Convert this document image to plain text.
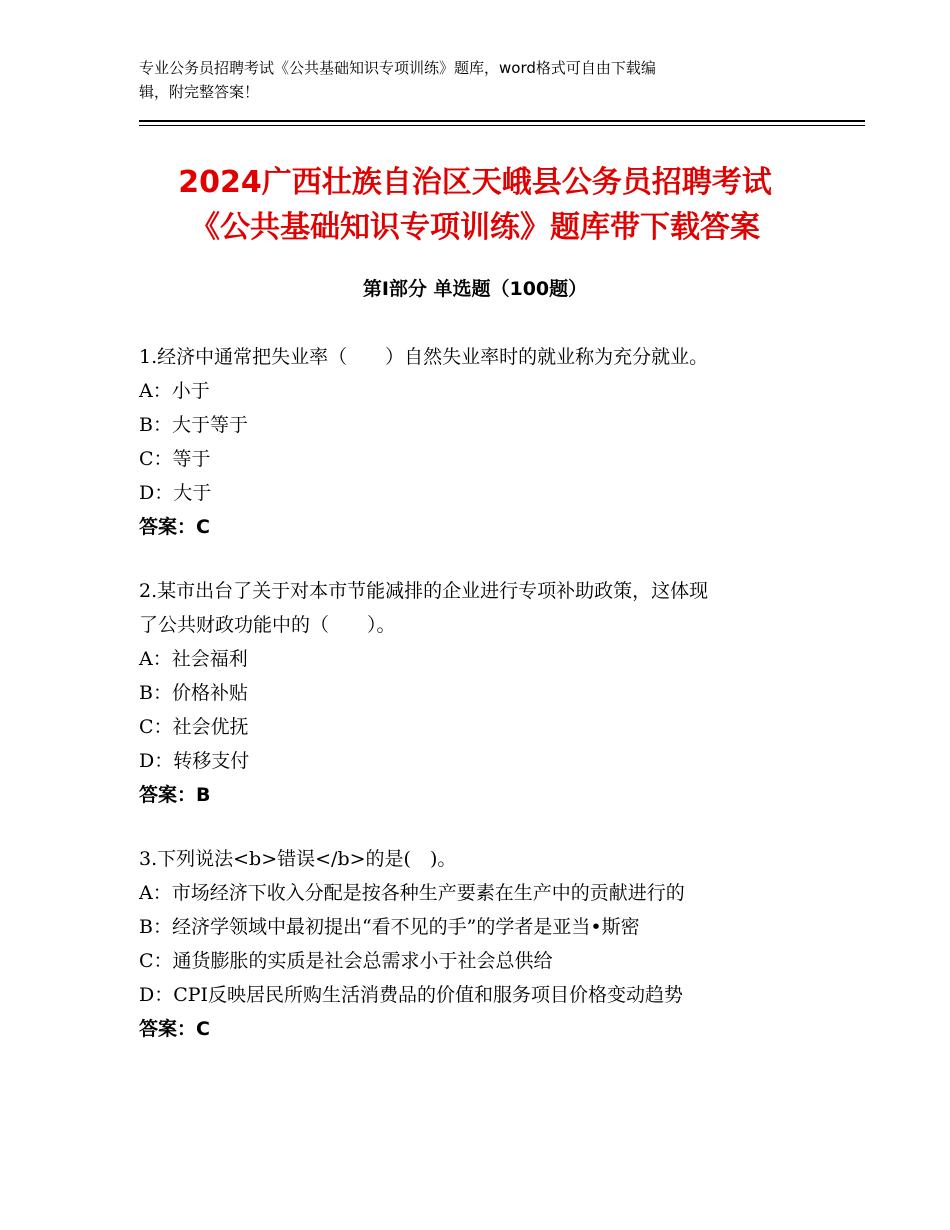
专业公务员招聘考试《公共基础知识专项训练》题库，word格式可自由下载编
辑，附完整答案！
2024广西壮族自治区天峨县公务员招聘考试
《公共基础知识专项训练》题库带下载答案
第Ⅰ部分 单选题（100题）
1.经济中通常把失业率（　　）自然失业率时的就业称为充分就业。
A：小于
B：大于等于
C：等于
D：大于
答案：C
2.某市出台了关于对本市节能减排的企业进行专项补助政策，这体现
了公共财政功能中的（　　）。
A：社会福利
B：价格补贴
C：社会优抚
D：转移支付
答案：B
3.下列说法<b>错误</b>的是(　)。
A：市场经济下收入分配是按各种生产要素在生产中的贡献进行的
B：经济学领域中最初提出“看不见的手”的学者是亚当•斯密
C：通货膨胀的实质是社会总需求小于社会总供给
D：CPI反映居民所购生活消费品的价值和服务项目价格变动趋势
答案：C
